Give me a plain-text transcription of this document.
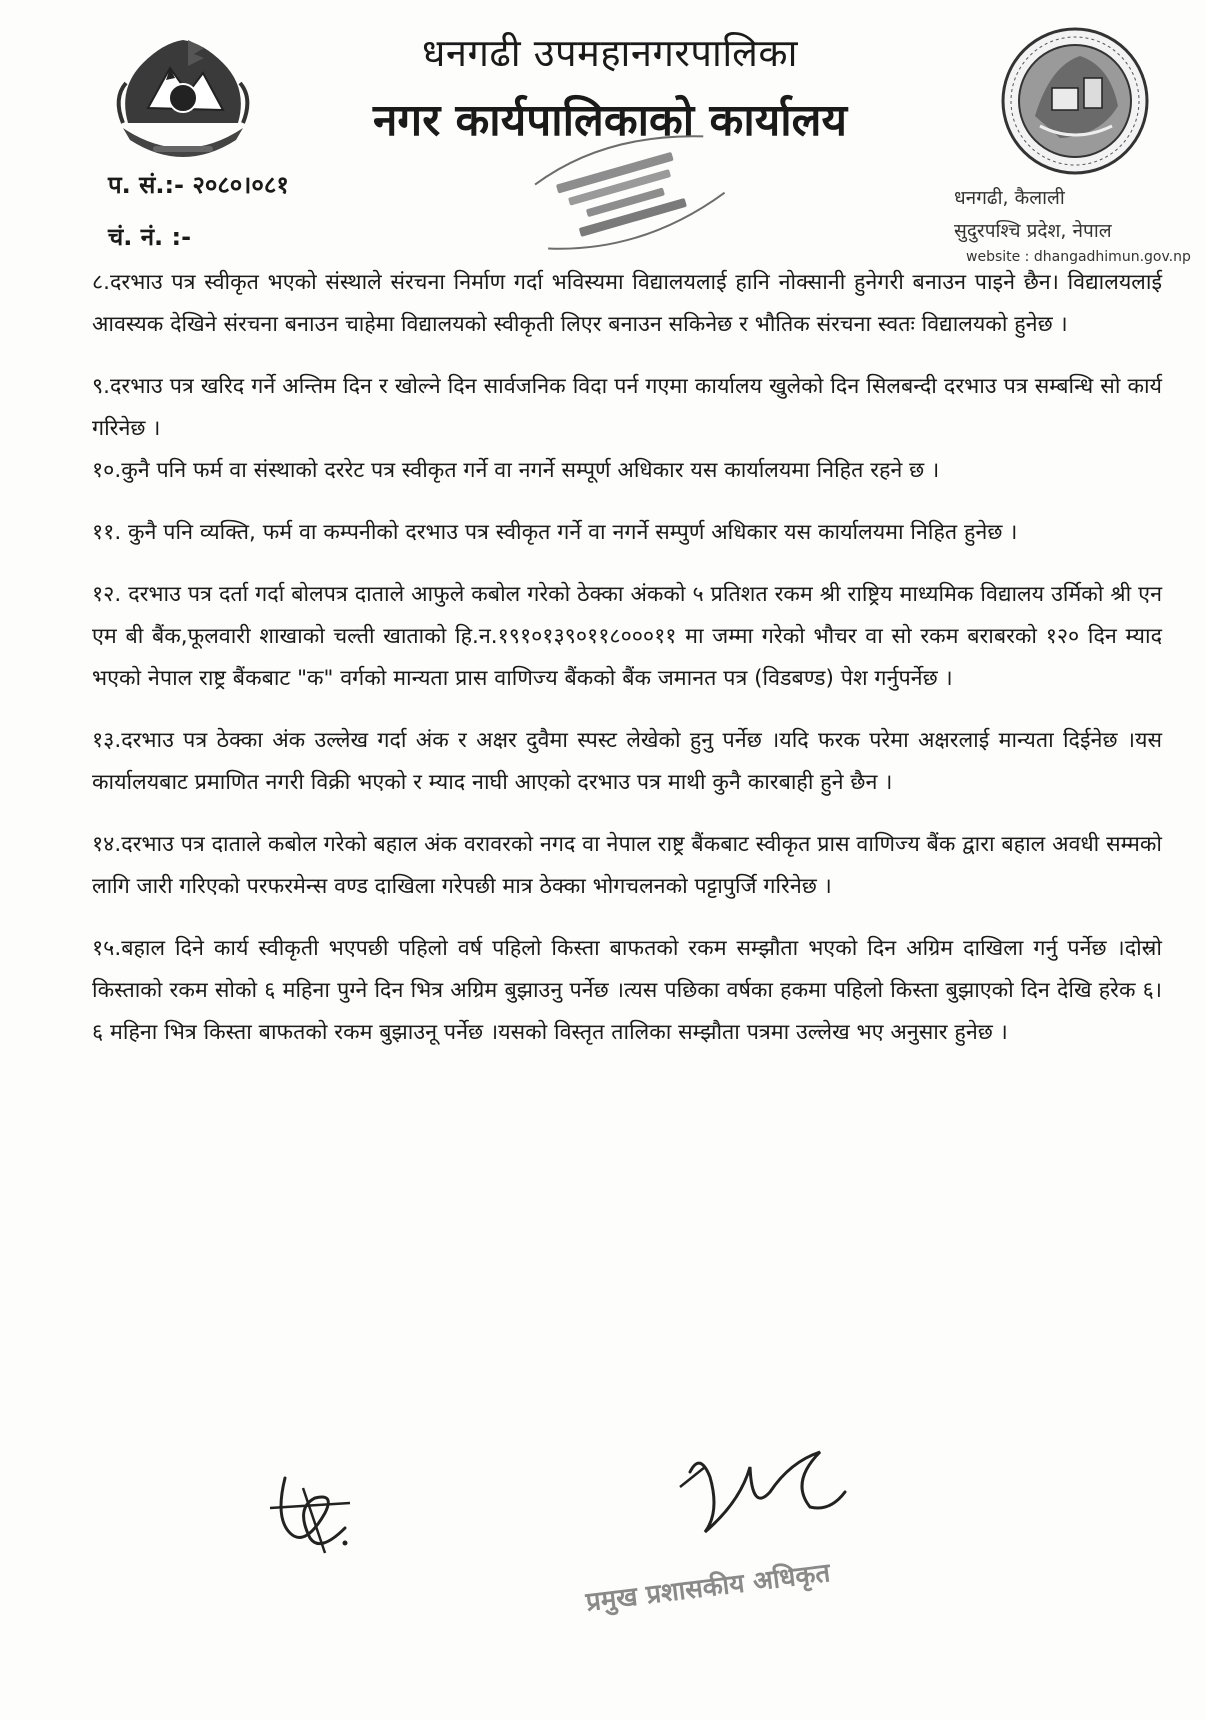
धनगढी उपमहानगरपालिका
नगर कार्यपालिकाको कार्यालय
प. सं.:- २०८०।०८१
चं. नं. :-
धनगढी, कैलाली
सुदुरपश्चि प्रदेश, नेपाल
website : dhangadhimun.gov.np

८.दरभाउ पत्र स्वीकृत भएको संस्थाले संरचना निर्माण गर्दा भविस्यमा विद्यालयलाई हानि नोक्सानी हुनेगरी बनाउन पाइने छैन। विद्यालयलाई आवस्यक देखिने संरचना बनाउन चाहेमा विद्यालयको स्वीकृती लिएर बनाउन सकिनेछ र भौतिक संरचना स्वतः विद्यालयको हुनेछ ।

९.दरभाउ पत्र खरिद गर्ने अन्तिम दिन र खोल्ने दिन सार्वजनिक विदा पर्न गएमा कार्यालय खुलेको दिन सिलबन्दी दरभाउ पत्र सम्बन्धि सो कार्य गरिनेछ ।

१०.कुनै पनि फर्म वा संस्थाको दररेट पत्र स्वीकृत गर्ने वा नगर्ने सम्पूर्ण अधिकार यस कार्यालयमा निहित रहने छ ।

११. कुनै पनि व्यक्ति, फर्म वा कम्पनीको दरभाउ पत्र स्वीकृत गर्ने वा नगर्ने सम्पुर्ण अधिकार यस कार्यालयमा निहित हुनेछ ।

१२. दरभाउ पत्र दर्ता गर्दा बोलपत्र दाताले आफुले कबोल गरेको ठेक्का अंकको ५ प्रतिशत रकम श्री राष्ट्रिय माध्यमिक विद्यालय उर्मिको श्री एन एम बी बैंक,फूलवारी शाखाको चल्ती खाताको हि.न.१९१०१३९०११८०००११ मा जम्मा गरेको भौचर वा सो रकम बराबरको १२० दिन म्याद भएको नेपाल राष्ट्र बैंकबाट "क" वर्गको मान्यता प्रास वाणिज्य बैंकको बैंक जमानत पत्र (विडबण्ड) पेश गर्नुपर्नेछ ।

१३.दरभाउ पत्र ठेक्का अंक उल्लेख गर्दा अंक र अक्षर दुवैमा स्पस्ट लेखेको हुनु पर्नेछ ।यदि फरक परेमा अक्षरलाई मान्यता दिईनेछ ।यस कार्यालयबाट प्रमाणित नगरी विक्री भएको र म्याद नाघी आएको दरभाउ पत्र माथी कुनै कारबाही हुने छैन ।

१४.दरभाउ पत्र दाताले कबोल गरेको बहाल अंक वरावरको नगद वा नेपाल राष्ट्र बैंकबाट स्वीकृत प्रास वाणिज्य बैंक द्वारा बहाल अवधी सम्मको लागि जारी गरिएको परफरमेन्स वण्ड दाखिला गरेपछी मात्र ठेक्का भोगचलनको पट्टापुर्जि गरिनेछ ।

१५.बहाल दिने कार्य स्वीकृती भएपछी पहिलो वर्ष पहिलो किस्ता बाफतको रकम सम्झौता भएको दिन अग्रिम दाखिला गर्नु पर्नेछ ।दोस्रो किस्ताको रकम सोको ६ महिना पुग्ने दिन भित्र अग्रिम बुझाउनु पर्नेछ ।त्यस पछिका वर्षका हकमा पहिलो किस्ता बुझाएको दिन देखि हरेक ६।६ महिना भित्र किस्ता बाफतको रकम बुझाउनू पर्नेछ ।यसको विस्तृत तालिका सम्झौता पत्रमा उल्लेख भए अनुसार हुनेछ ।

प्रमुख प्रशासकीय अधिकृत
